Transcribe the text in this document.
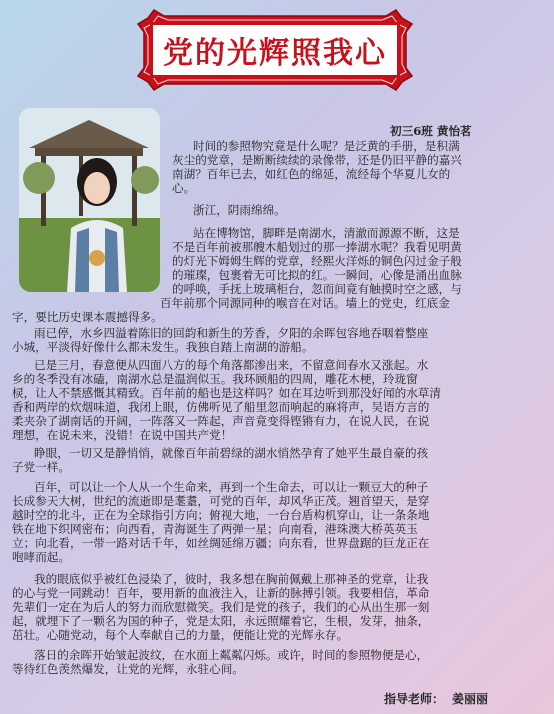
党的光辉照我心
初三6班 黄怡茗
时间的参照物究竟是什么呢？是泛黄的手册，是积满
灰尘的党章，是断断续续的录像带，还是仍旧平静的嘉兴
南湖？百年已去，如红色的绵延，流经每个华夏儿女的
心。
浙江，阴雨绵绵。
站在博物馆，脚畔是南湖水，清澈而源源不断，这是
不是百年前被那艘木船划过的那一捧湖水呢？我看见明黄
的灯光下姆姆生辉的党章，经熙火洋烁的铜色闪过金子般
的璀璨，包裹着无可比拟的红。一瞬间，心像是涌出血脉
的呼唤，手抚上玻璃柜台，忽而间竟有触摸时空之感，与
百年前那个同源同种的喉音在对话。墙上的党史，红底金
字，要比历史课本震撼得多。
雨已停，水乡四溢着陈旧的回韵和新生的芳香，夕阳的余晖包容地吞咽着整座
小城，平淡得好像什么都未发生。我独自踏上南湖的游船。
已是三月，春意便从四面八方的每个角落都渗出来，不留意间春水又涨起。水
乡的冬季没有冰磕，南湖水总是温润似玉。我环顾船的四周，雕花木梗，玲珑窗
棂，让人不禁感慨其精致。百年前的船也是这样吗？如在耳边听到那没好闻的水草清
香和两岸的炊烟味道，我闭上眼，仿佛听见了船里忽而响起的麻将声，吴语方言的
柔夹杂了湖南话的开阔，一阵落又一阵起，声音竟变得铿锵有力，在说人民，在说
理想，在说未来，没错！在说中国共产党！
睁眼，一切又是静悄悄，就像百年前碧绿的湖水悄然孕育了她平生最自豪的孩
子党一样。
百年，可以让一个人从一个生命来，再到一个生命去，可以让一颗豆大的种子
长成参天大树，世纪的流逝即是耄耋，可党的百年，却风华正茂。翘首望天，是穿
越时空的北斗，正在为全球指引方向；俯视大地，一台台盾构机穿山，让一条条地
铁在地下织网密布；向西看，青海诞生了两弹一星；向南看，港珠澳大桥英英玉
立；向北看，一带一路对话千年，如丝绸延绵万疆；向东看，世界盘踞的巨龙正在
咆哮而起。
我的眼底似乎被红色浸染了，彼时，我多想在胸前佩戴上那神圣的党章，让我
的心与党一同跳动！百年，要用新的血液注入，让新的脉搏引领。我要相信，革命
先辈们一定在为后人的努力而欣慰微笑。我们是党的孩子，我们的心从出生那一刻
起，就埋下了一颗名为国的种子，党是太阳，永远照耀着它，生根，发芽，抽条，
茁壮。心随党动，每个人奉献自己的力量，便能让党的光辉永存。
落日的余晖开始皱起波纹，在水面上粼粼闪烁。或许，时间的参照物便是心，
等待红色羡然爆发，让党的光辉，永驻心间。
指导老师： 姜丽丽
